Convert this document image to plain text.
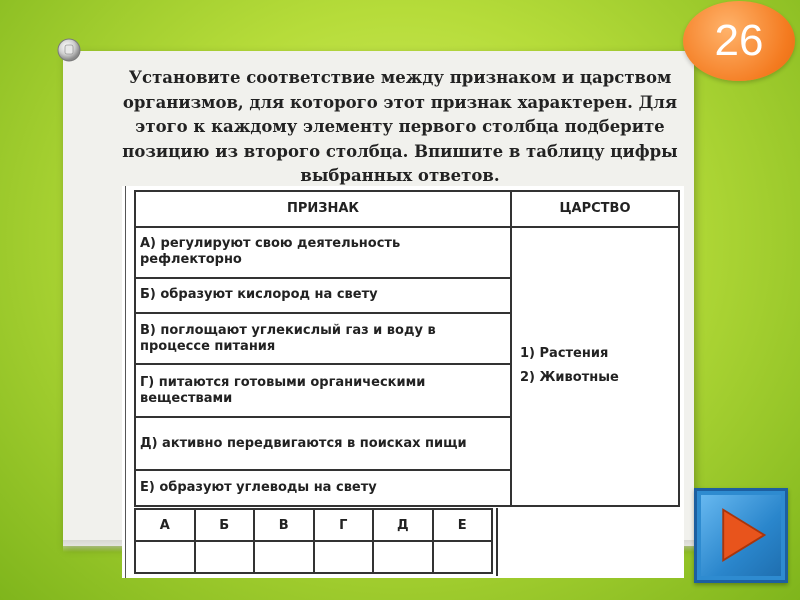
26

Установите соответствие между признаком и царством организмов, для которого этот признак характерен. Для этого к каждому элементу первого столбца подберите позицию из второго столбца. Впишите в таблицу цифры выбранных ответов.

ПРИЗНАК	ЦАРСТВО
А) регулируют свою деятельность рефлекторно	1) Растения
2) Животные

Б) образуют кислород на свету	
В) поглощают углекислый газ и воду в процессе питания	
Г) питаются готовыми органическими веществами	
Д) активно передвигаются в поисках пищи	
Е) образуют углеводы на свету	
А	Б	В	Г	Д	Е
